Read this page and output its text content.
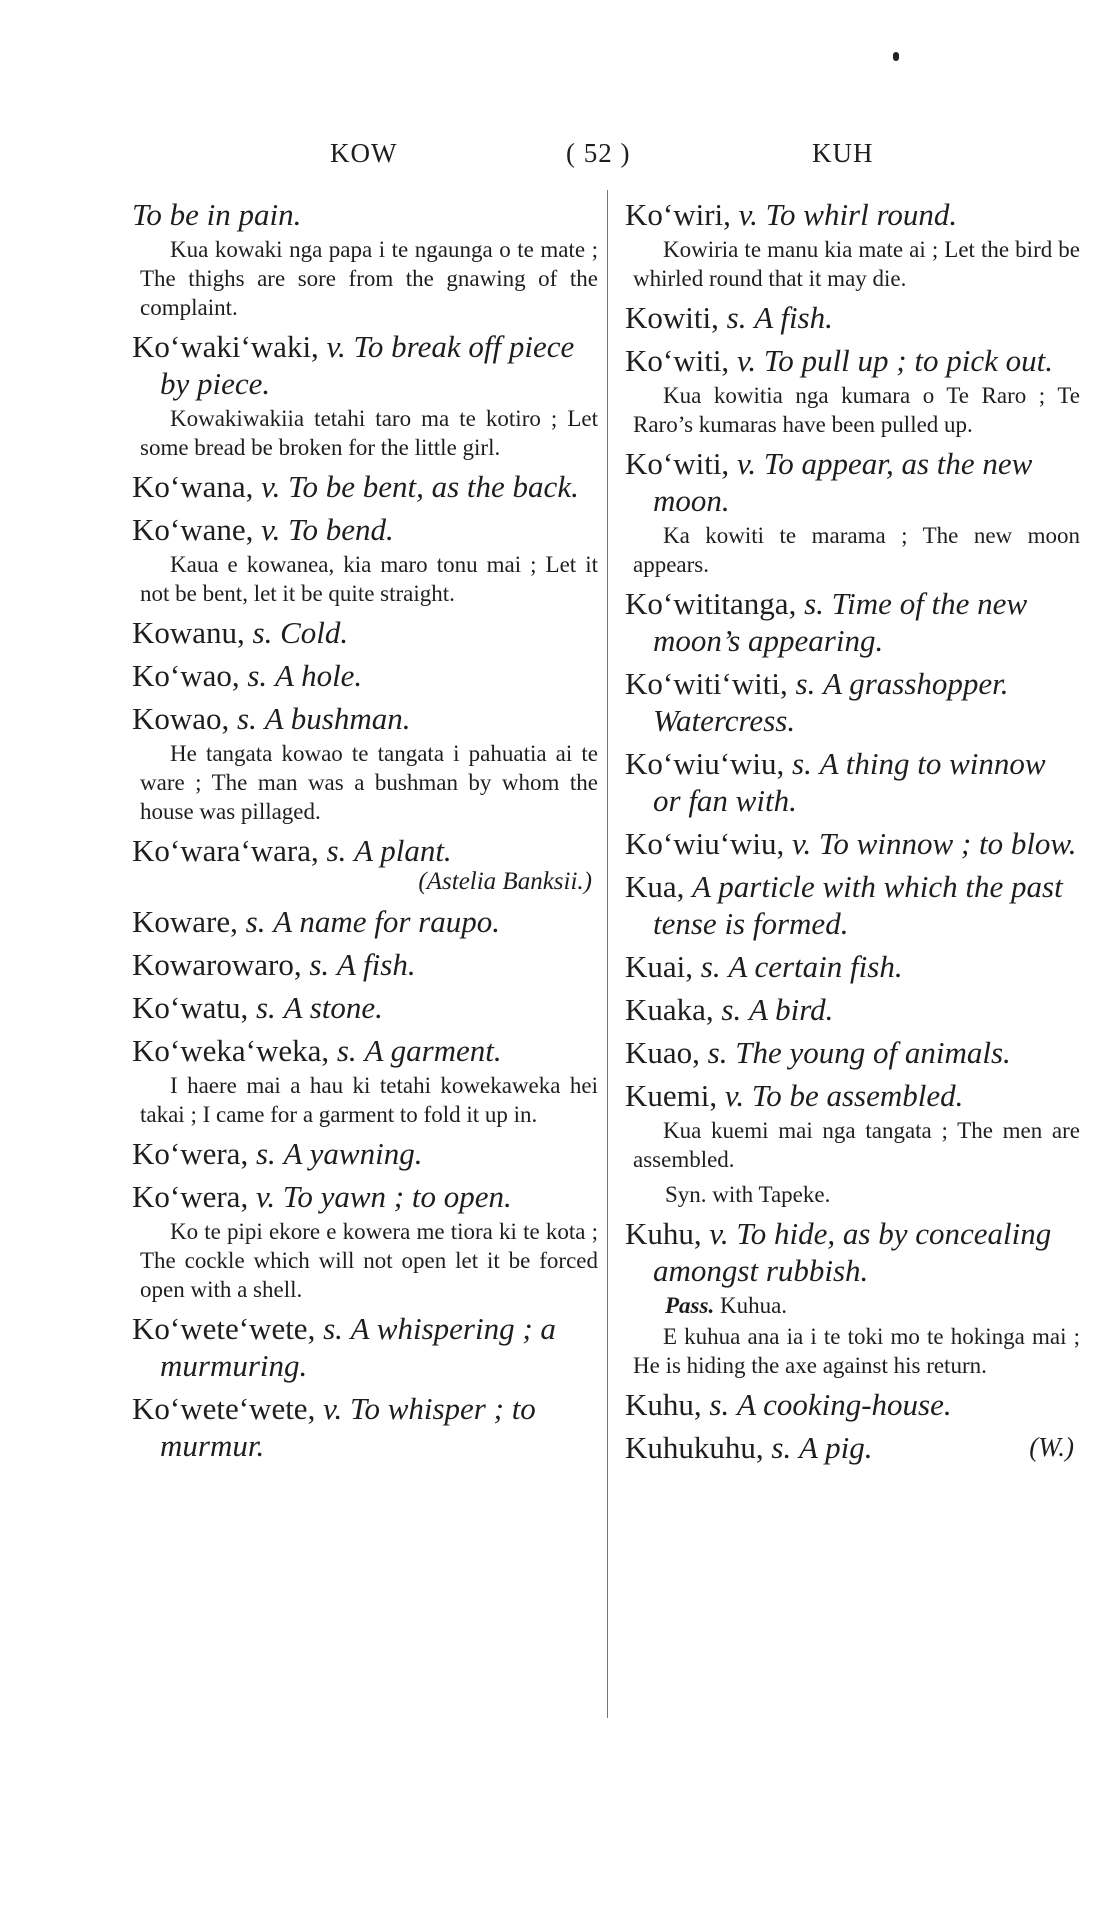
KOW	( 52 )	KUH
To be in pain.
Kua kowaki nga papa i te ngaunga o te mate ; The thighs are sore from the gnawing of the complaint.
Ko‘waki‘waki, v. To break off piece by piece.
Kowakiwakiia tetahi taro ma te kotiro ; Let some bread be broken for the little girl.
Ko‘wana, v. To be bent, as the back.
Ko‘wane, v. To bend.
Kaua e kowanea, kia maro tonu mai ; Let it not be bent, let it be quite straight.
Kowanu, s. Cold.
Ko‘wao, s. A hole.
Kowao, s. A bushman.
He tangata kowao te tangata i pahuatia ai te ware ; The man was a bushman by whom the house was pillaged.
Ko‘wara‘wara, s. A plant.
(Astelia Banksii.)
Koware, s. A name for raupo.
Kowarowaro, s. A fish.
Ko‘watu, s. A stone.
Ko‘weka‘weka, s. A garment.
I haere mai a hau ki tetahi kowekaweka hei takai ; I came for a garment to fold it up in.
Ko‘wera, s. A yawning.
Ko‘wera, v. To yawn ; to open.
Ko te pipi ekore e kowera me tiora ki te kota ; The cockle which will not open let it be forced open with a shell.
Ko‘wete‘wete, s. A whispering ; a murmuring.
Ko‘wete‘wete, v. To whisper ; to murmur.
Ko‘wiri, v. To whirl round.
Kowiria te manu kia mate ai ; Let the bird be whirled round that it may die.
Kowiti, s. A fish.
Ko‘witi, v. To pull up ; to pick out.
Kua kowitia nga kumara o Te Raro ; Te Raro’s kumaras have been pulled up.
Ko‘witi, v. To appear, as the new moon.
Ka kowiti te marama ; The new moon appears.
Ko‘wititanga, s. Time of the new moon’s appearing.
Ko‘witi‘witi, s. A grasshopper. Watercress.
Ko‘wiu‘wiu, s. A thing to winnow or fan with.
Ko‘wiu‘wiu, v. To winnow ; to blow.
Kua, A particle with which the past tense is formed.
Kuai, s. A certain fish.
Kuaka, s. A bird.
Kuao, s. The young of animals.
Kuemi, v. To be assembled.
Kua kuemi mai nga tangata ; The men are assembled.
Syn. with Tapeke.
Kuhu, v. To hide, as by concealing amongst rubbish.
Pass. Kuhua.
E kuhua ana ia i te toki mo te hokinga mai ; He is hiding the axe against his return.
Kuhu, s. A cooking-house.
(W.)
Kuhukuhu, s. A pig.
